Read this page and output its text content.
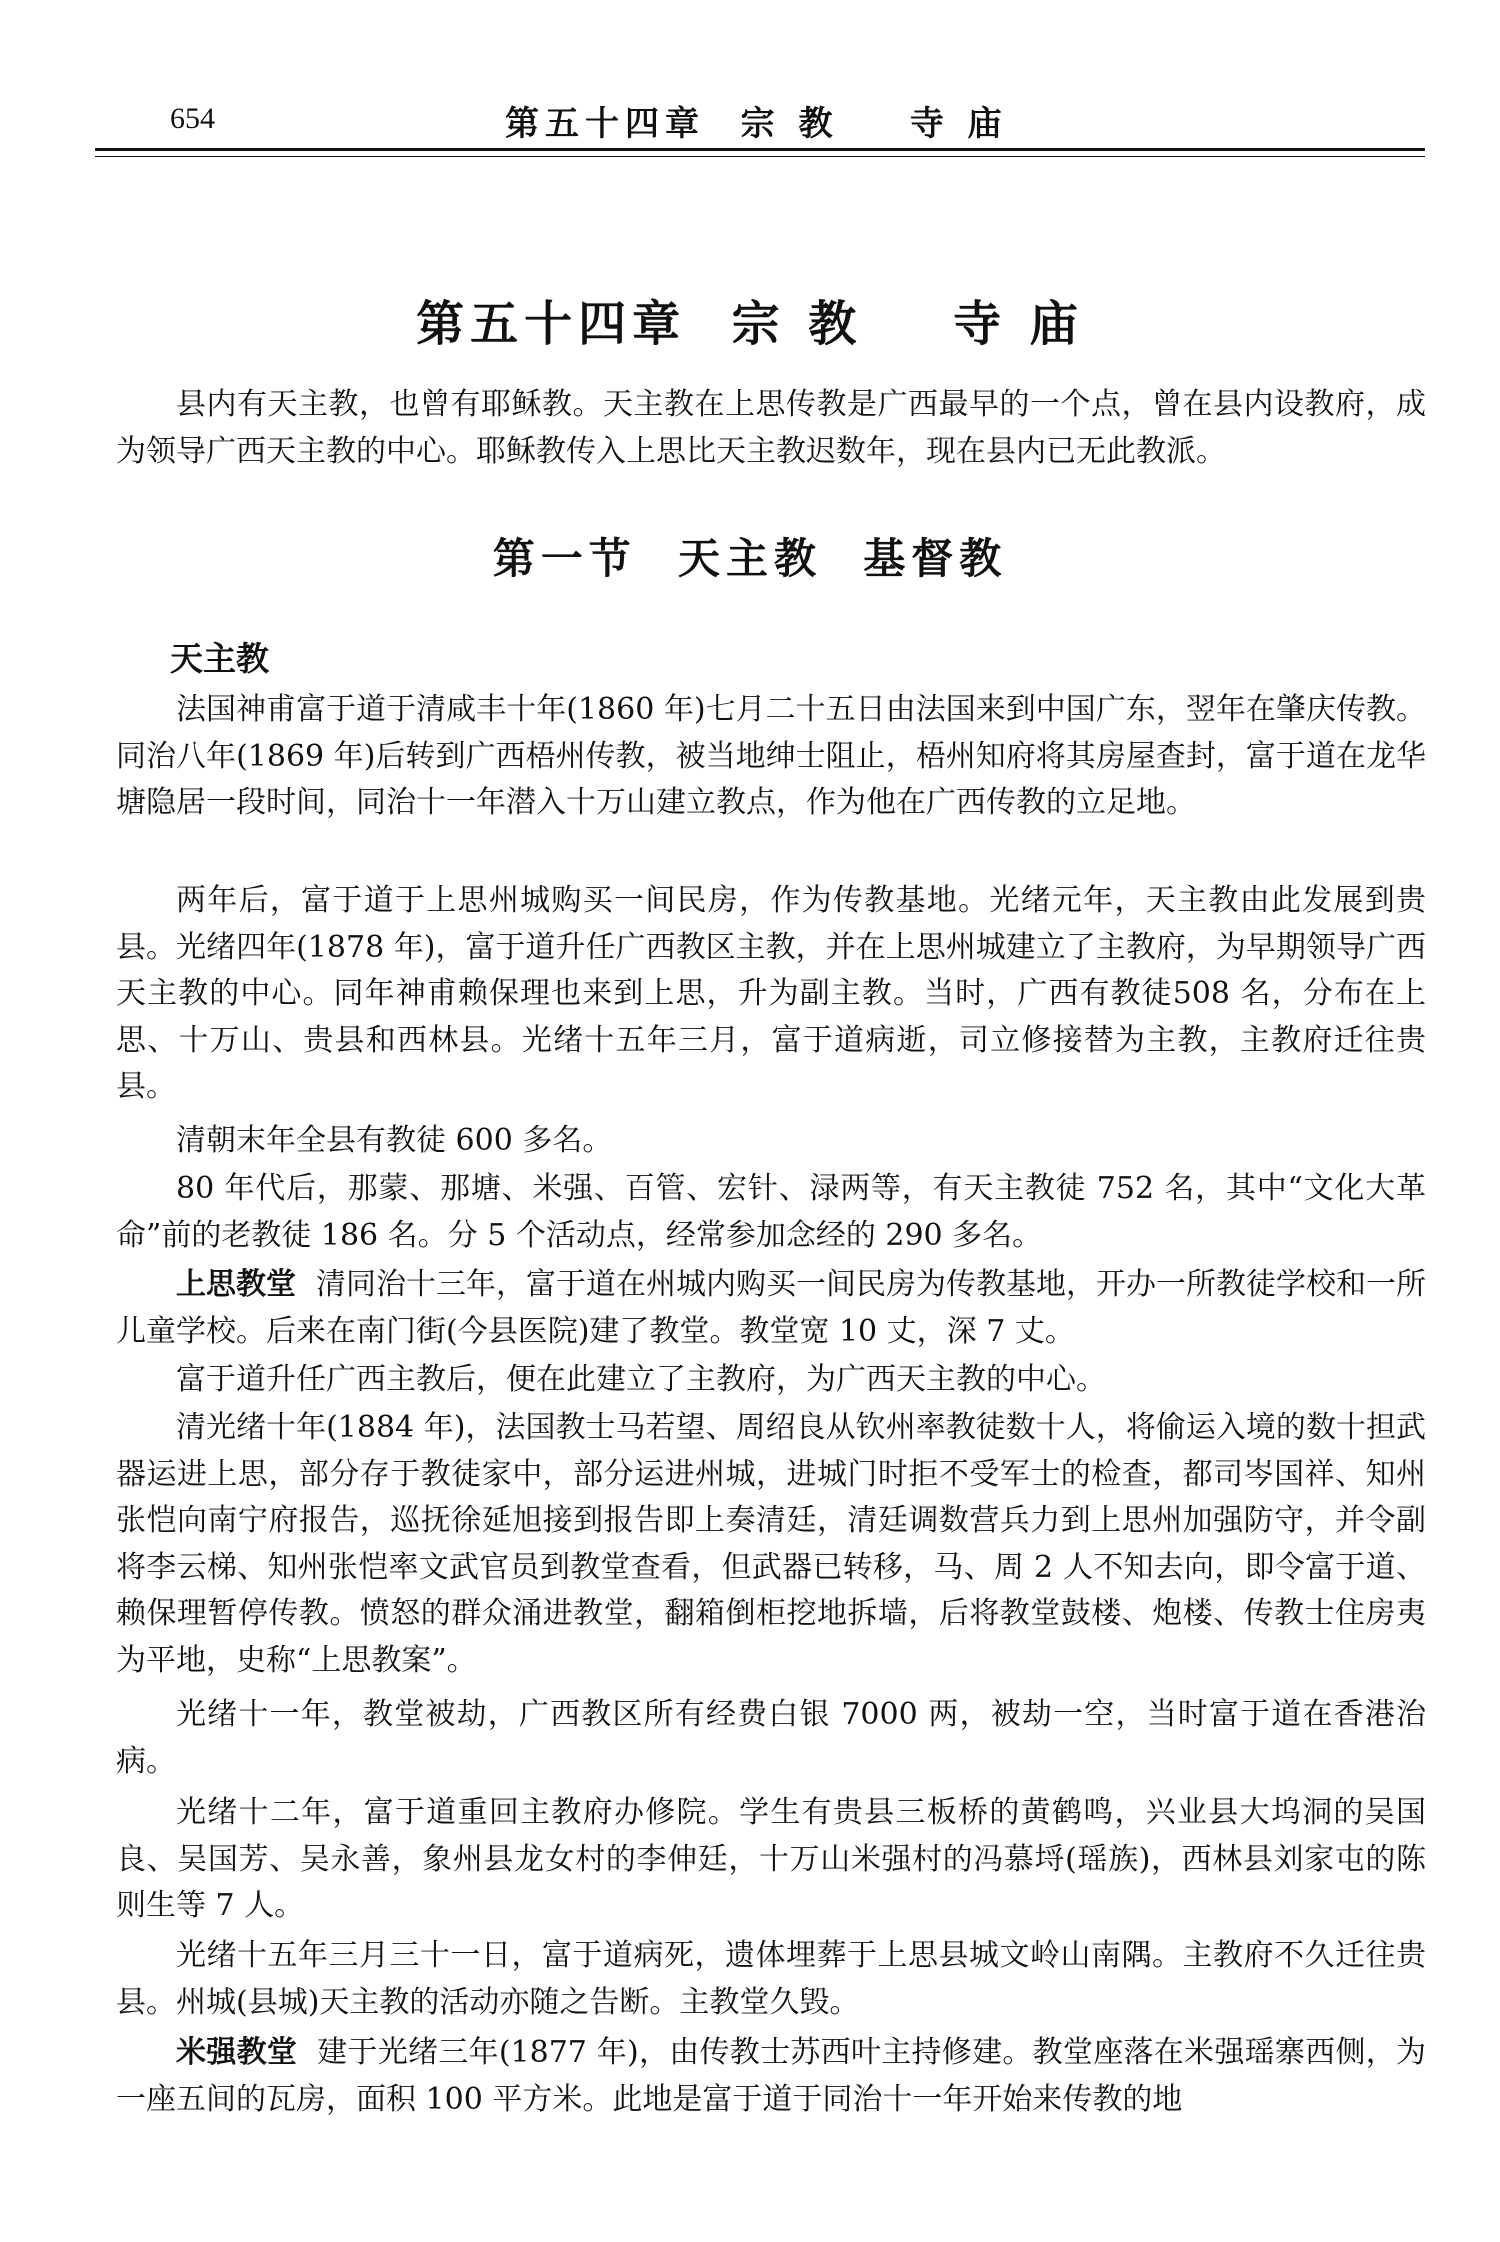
654	第五十四章  宗 教    寺 庙
第五十四章  宗 教    寺 庙

县内有天主教，也曾有耶稣教。天主教在上思传教是广西最早的一个点，曾在县内设教府，成为领导广西天主教的中心。耶稣教传入上思比天主教迟数年，现在县内已无此教派。

第一节  天主教  基督教
天主教

法国神甫富于道于清咸丰十年(1860 年)七月二十五日由法国来到中国广东，翌年在肇庆传教。同治八年(1869 年)后转到广西梧州传教，被当地绅士阻止，梧州知府将其房屋查封，富于道在龙华塘隐居一段时间，同治十一年潜入十万山建立教点，作为他在广西传教的立足地。

两年后，富于道于上思州城购买一间民房，作为传教基地。光绪元年，天主教由此发展到贵县。光绪四年(1878 年)，富于道升任广西教区主教，并在上思州城建立了主教府，为早期领导广西天主教的中心。同年神甫赖保理也来到上思，升为副主教。当时，广西有教徒508 名，分布在上思、十万山、贵县和西林县。光绪十五年三月，富于道病逝，司立修接替为主教，主教府迁往贵县。

清朝末年全县有教徒 600 多名。

80 年代后，那蒙、那塘、米强、百管、宏针、渌两等，有天主教徒 752 名，其中“文化大革命”前的老教徒 186 名。分 5 个活动点，经常参加念经的 290 多名。

上思教堂 清同治十三年，富于道在州城内购买一间民房为传教基地，开办一所教徒学校和一所儿童学校。后来在南门街(今县医院)建了教堂。教堂宽 10 丈，深 7 丈。

富于道升任广西主教后，便在此建立了主教府，为广西天主教的中心。

清光绪十年(1884 年)，法国教士马若望、周绍良从钦州率教徒数十人，将偷运入境的数十担武器运进上思，部分存于教徒家中，部分运进州城，进城门时拒不受军士的检查，都司岑国祥、知州张恺向南宁府报告，巡抚徐延旭接到报告即上奏清廷，清廷调数营兵力到上思州加强防守，并令副将李云梯、知州张恺率文武官员到教堂查看，但武器已转移，马、周 2 人不知去向，即令富于道、赖保理暂停传教。愤怒的群众涌进教堂，翻箱倒柜挖地拆墙，后将教堂鼓楼、炮楼、传教士住房夷为平地，史称“上思教案”。

光绪十一年，教堂被劫，广西教区所有经费白银 7000 两，被劫一空，当时富于道在香港治病。

光绪十二年，富于道重回主教府办修院。学生有贵县三板桥的黄鹤鸣，兴业县大坞洞的吴国良、吴国芳、吴永善，象州县龙女村的李伸廷，十万山米强村的冯慕埒(瑶族)，西林县刘家屯的陈则生等 7 人。

光绪十五年三月三十一日，富于道病死，遗体埋葬于上思县城文岭山南隅。主教府不久迁往贵县。州城(县城)天主教的活动亦随之告断。主教堂久毁。

米强教堂 建于光绪三年(1877 年)，由传教士苏西叶主持修建。教堂座落在米强瑶寨西侧，为一座五间的瓦房，面积 100 平方米。此地是富于道于同治十一年开始来传教的地
